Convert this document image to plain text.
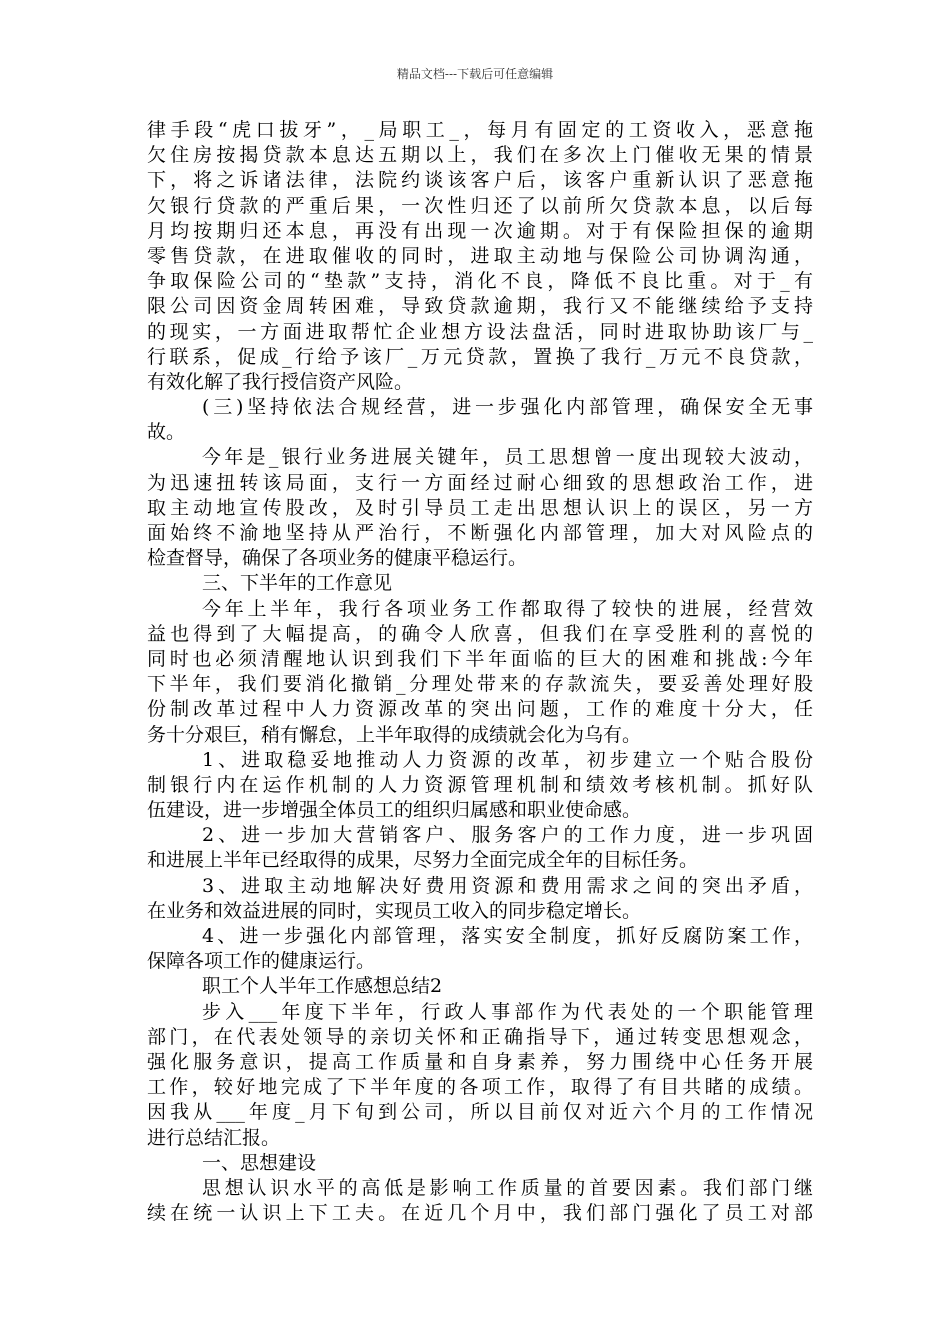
精品文档---下载后可任意编辑
律手段“虎口拔牙”，_局职工_，每月有固定的工资收入，恶意拖
欠住房按揭贷款本息达五期以上，我们在多次上门催收无果的情景
下，将之诉诸法律，法院约谈该客户后，该客户重新认识了恶意拖
欠银行贷款的严重后果，一次性归还了以前所欠贷款本息，以后每
月均按期归还本息，再没有出现一次逾期。对于有保险担保的逾期
零售贷款，在进取催收的同时，进取主动地与保险公司协调沟通，
争取保险公司的“垫款”支持，消化不良，降低不良比重。对于_有
限公司因资金周转困难，导致贷款逾期，我行又不能继续给予支持
的现实，一方面进取帮忙企业想方设法盘活，同时进取协助该厂与_
行联系，促成_行给予该厂_万元贷款，置换了我行_万元不良贷款，
有效化解了我行授信资产风险。
(三)坚持依法合规经营，进一步强化内部管理，确保安全无事
故。
今年是_银行业务进展关键年，员工思想曾一度出现较大波动，
为迅速扭转该局面，支行一方面经过耐心细致的思想政治工作，进
取主动地宣传股改，及时引导员工走出思想认识上的误区，另一方
面始终不渝地坚持从严治行，不断强化内部管理，加大对风险点的
检查督导，确保了各项业务的健康平稳运行。
三、下半年的工作意见
今年上半年，我行各项业务工作都取得了较快的进展，经营效
益也得到了大幅提高，的确令人欣喜，但我们在享受胜利的喜悦的
同时也必须清醒地认识到我们下半年面临的巨大的困难和挑战:今年
下半年，我们要消化撤销_分理处带来的存款流失，要妥善处理好股
份制改革过程中人力资源改革的突出问题，工作的难度十分大，任
务十分艰巨，稍有懈怠，上半年取得的成绩就会化为乌有。
1、进取稳妥地推动人力资源的改革，初步建立一个贴合股份
制银行内在运作机制的人力资源管理机制和绩效考核机制。抓好队
伍建设，进一步增强全体员工的组织归属感和职业使命感。
2、进一步加大营销客户、服务客户的工作力度，进一步巩固
和进展上半年已经取得的成果，尽努力全面完成全年的目标任务。
3、进取主动地解决好费用资源和费用需求之间的突出矛盾，
在业务和效益进展的同时，实现员工收入的同步稳定增长。
4、进一步强化内部管理，落实安全制度，抓好反腐防案工作，
保障各项工作的健康运行。
职工个人半年工作感想总结2
步入___年度下半年，行政人事部作为代表处的一个职能管理
部门，在代表处领导的亲切关怀和正确指导下，通过转变思想观念，
强化服务意识，提高工作质量和自身素养，努力围绕中心任务开展
工作，较好地完成了下半年度的各项工作，取得了有目共睹的成绩。
因我从___年度_月下旬到公司，所以目前仅对近六个月的工作情况
进行总结汇报。
一、思想建设
思想认识水平的高低是影响工作质量的首要因素。我们部门继
续在统一认识上下工夫。在近几个月中，我们部门强化了员工对部
